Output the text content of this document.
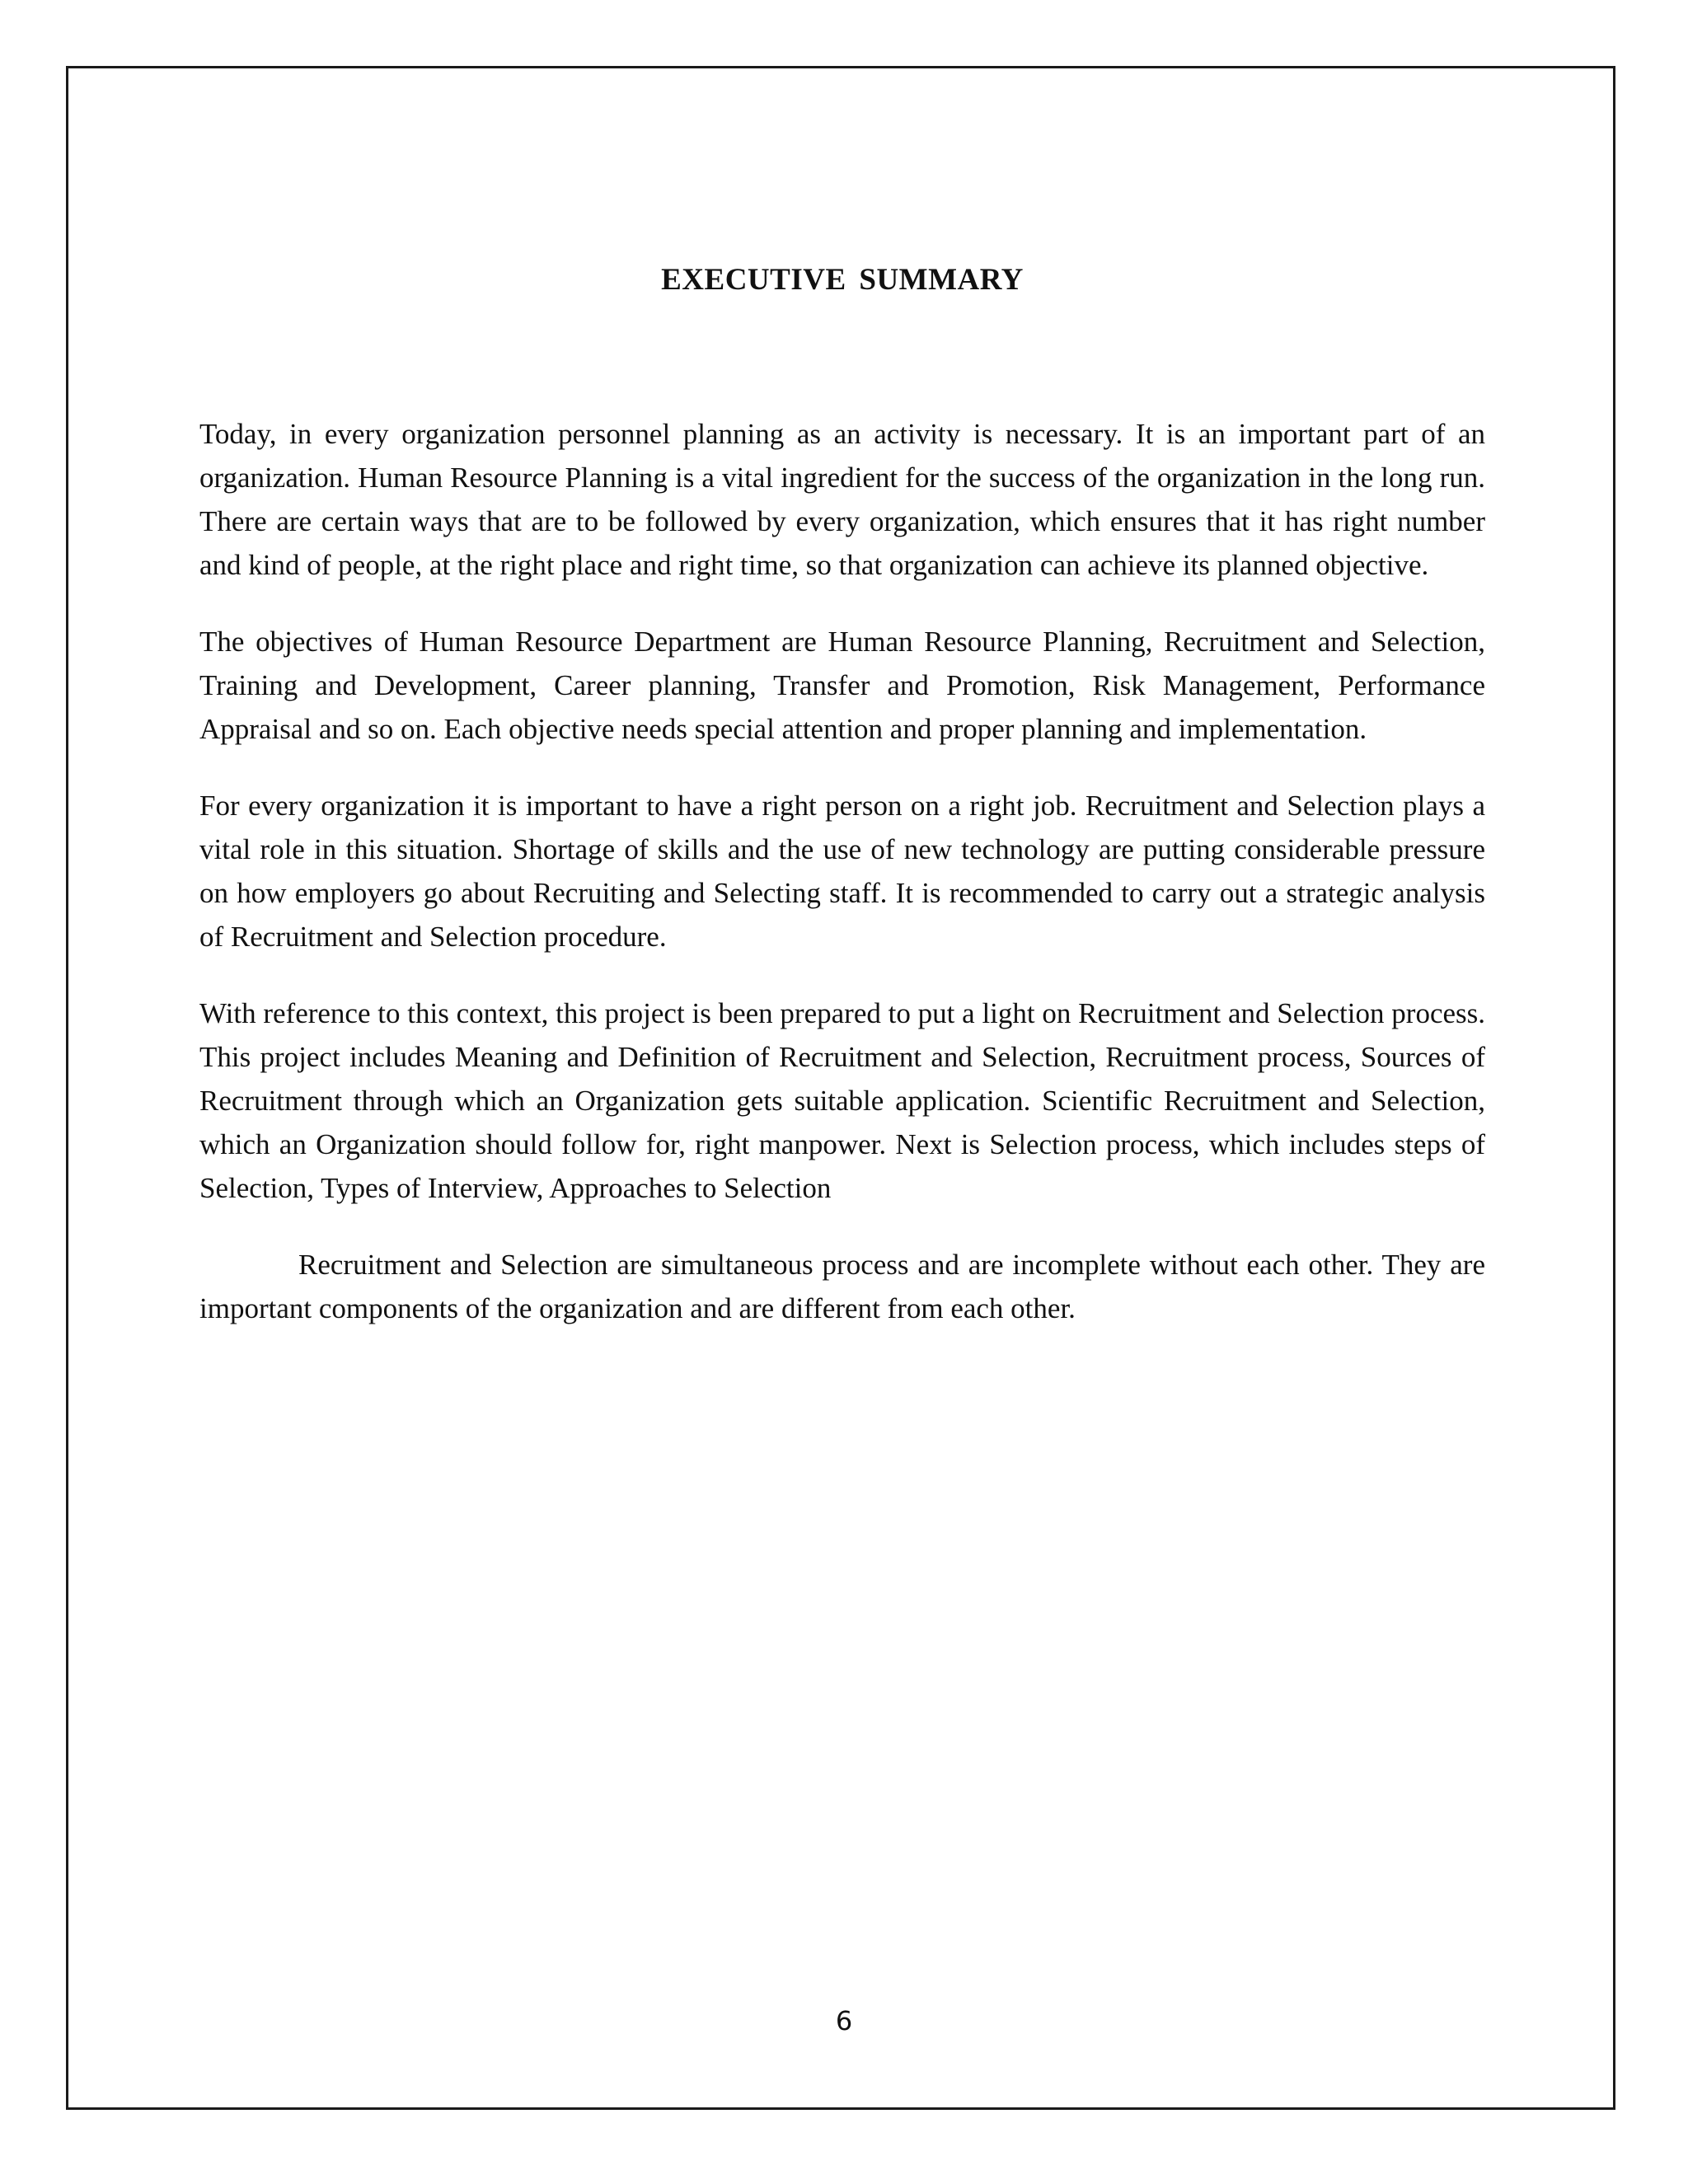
EXECUTIVE SUMMARY

Today, in every organization personnel planning as an activity is necessary. It is an important part of an organization. Human Resource Planning is a vital ingredient for the success of the organization in the long run. There are certain ways that are to be followed by every organization, which ensures that it has right number and kind of people, at the right place and right time, so that organization can achieve its planned objective.

The objectives of Human Resource Department are Human Resource Planning, Recruitment and Selection, Training and Development, Career planning, Transfer and Promotion, Risk Management, Performance Appraisal and so on. Each objective needs special attention and proper planning and implementation.

For every organization it is important to have a right person on a right job. Recruitment and Selection plays a vital role in this situation. Shortage of skills and the use of new technology are putting considerable pressure on how employers go about Recruiting and Selecting staff. It is recommended to carry out a strategic analysis of Recruitment and Selection procedure.

With reference to this context, this project is been prepared to put a light on Recruitment and Selection process. This project includes Meaning and Definition of Recruitment and Selection, Recruitment process, Sources of Recruitment through which an Organization gets suitable application. Scientific Recruitment and Selection, which an Organization should follow for, right manpower. Next is Selection process, which includes steps of Selection, Types of Interview, Approaches to Selection

Recruitment and Selection are simultaneous process and are incomplete without each other. They are important components of the organization and are different from each other.

6
